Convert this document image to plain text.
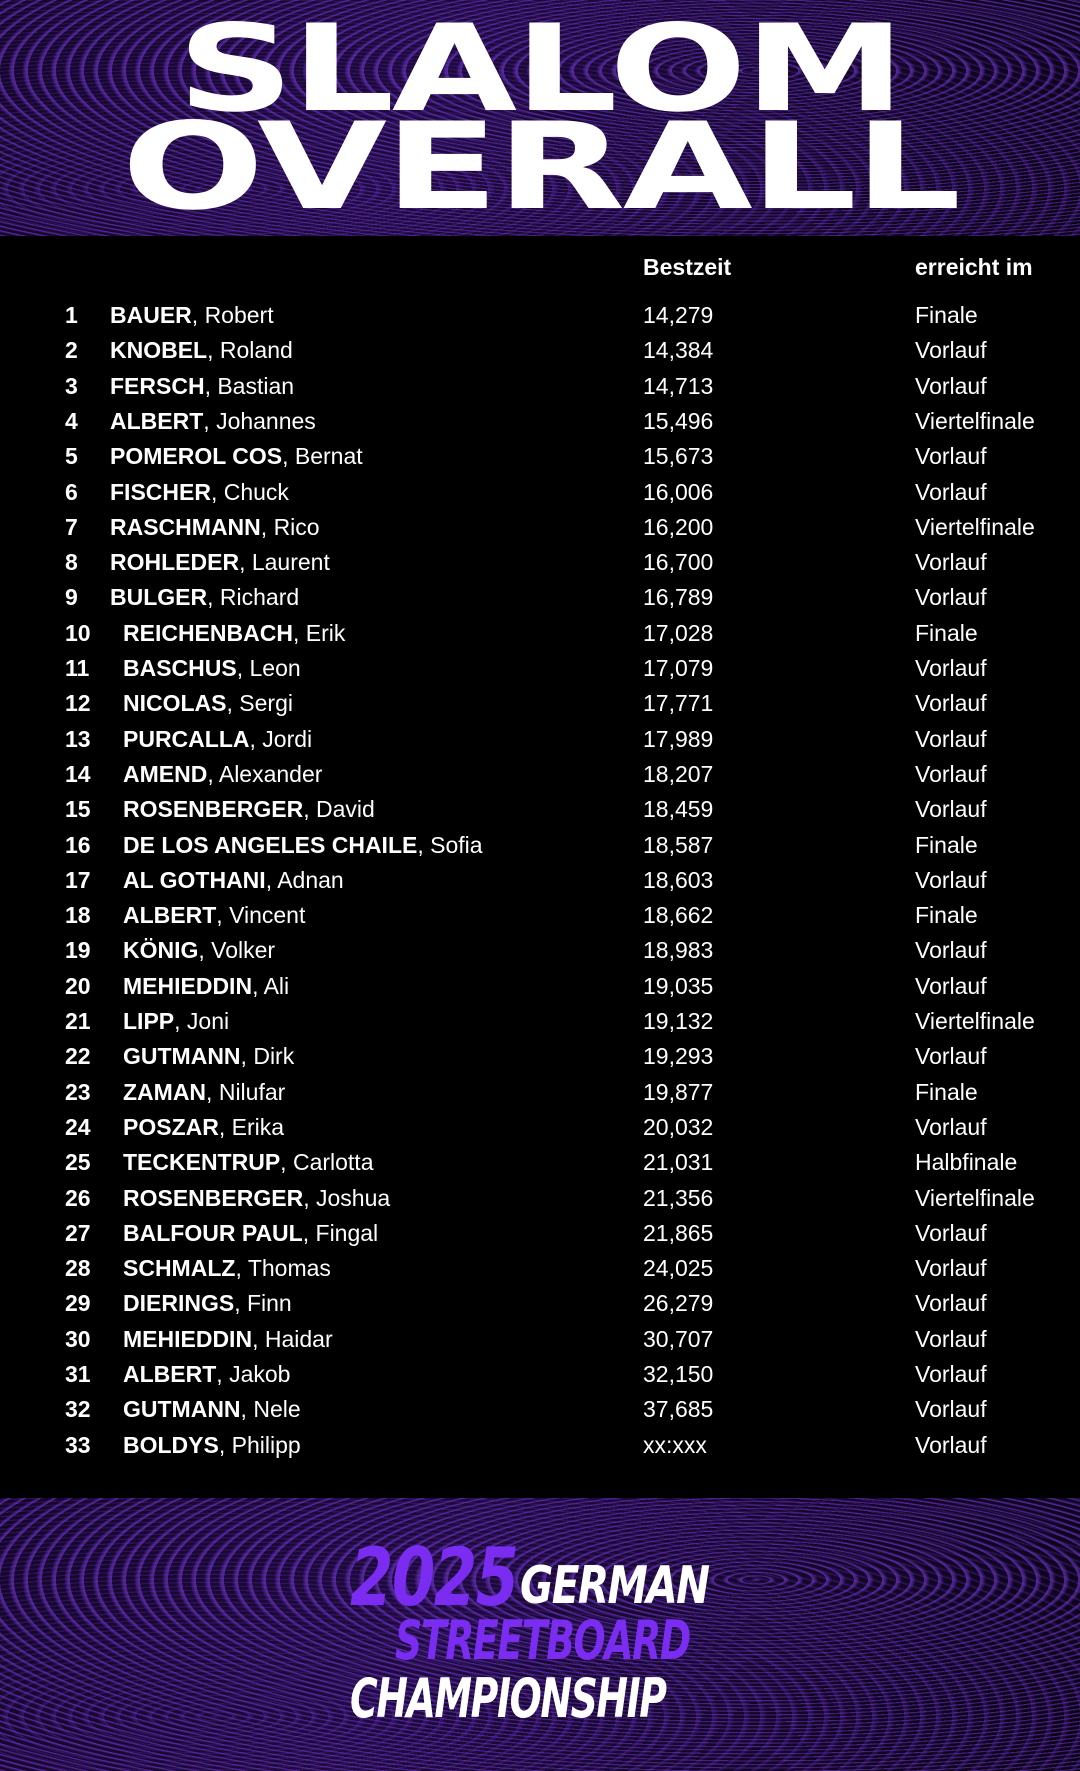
SLALOM
OVERALL
Bestzeit	erreicht im
1 BAUER, Robert	14,279	Finale
2 KNOBEL, Roland	14,384	Vorlauf
3 FERSCH, Bastian	14,713	Vorlauf
4 ALBERT, Johannes	15,496	Viertelfinale
5 POMEROL COS, Bernat	15,673	Vorlauf
6 FISCHER, Chuck	16,006	Vorlauf
7 RASCHMANN, Rico	16,200	Viertelfinale
8 ROHLEDER, Laurent	16,700	Vorlauf
9 BULGER, Richard	16,789	Vorlauf
10 REICHENBACH, Erik	17,028	Finale
11 BASCHUS, Leon	17,079	Vorlauf
12 NICOLAS, Sergi	17,771	Vorlauf
13 PURCALLA, Jordi	17,989	Vorlauf
14 AMEND, Alexander	18,207	Vorlauf
15 ROSENBERGER, David	18,459	Vorlauf
16 DE LOS ANGELES CHAILE, Sofia	18,587	Finale
17 AL GOTHANI, Adnan	18,603	Vorlauf
18 ALBERT, Vincent	18,662	Finale
19 KÖNIG, Volker	18,983	Vorlauf
20 MEHIEDDIN, Ali	19,035	Vorlauf
21 LIPP, Joni	19,132	Viertelfinale
22 GUTMANN, Dirk	19,293	Vorlauf
23 ZAMAN, Nilufar	19,877	Finale
24 POSZAR, Erika	20,032	Vorlauf
25 TECKENTRUP, Carlotta	21,031	Halbfinale
26 ROSENBERGER, Joshua	21,356	Viertelfinale
27 BALFOUR PAUL, Fingal	21,865	Vorlauf
28 SCHMALZ, Thomas	24,025	Vorlauf
29 DIERINGS, Finn	26,279	Vorlauf
30 MEHIEDDIN, Haidar	30,707	Vorlauf
31 ALBERT, Jakob	32,150	Vorlauf
32 GUTMANN, Nele	37,685	Vorlauf
33 BOLDYS, Philipp	xx:xxx	Vorlauf
2025 GERMAN
STREETBOARD
CHAMPIONSHIP
